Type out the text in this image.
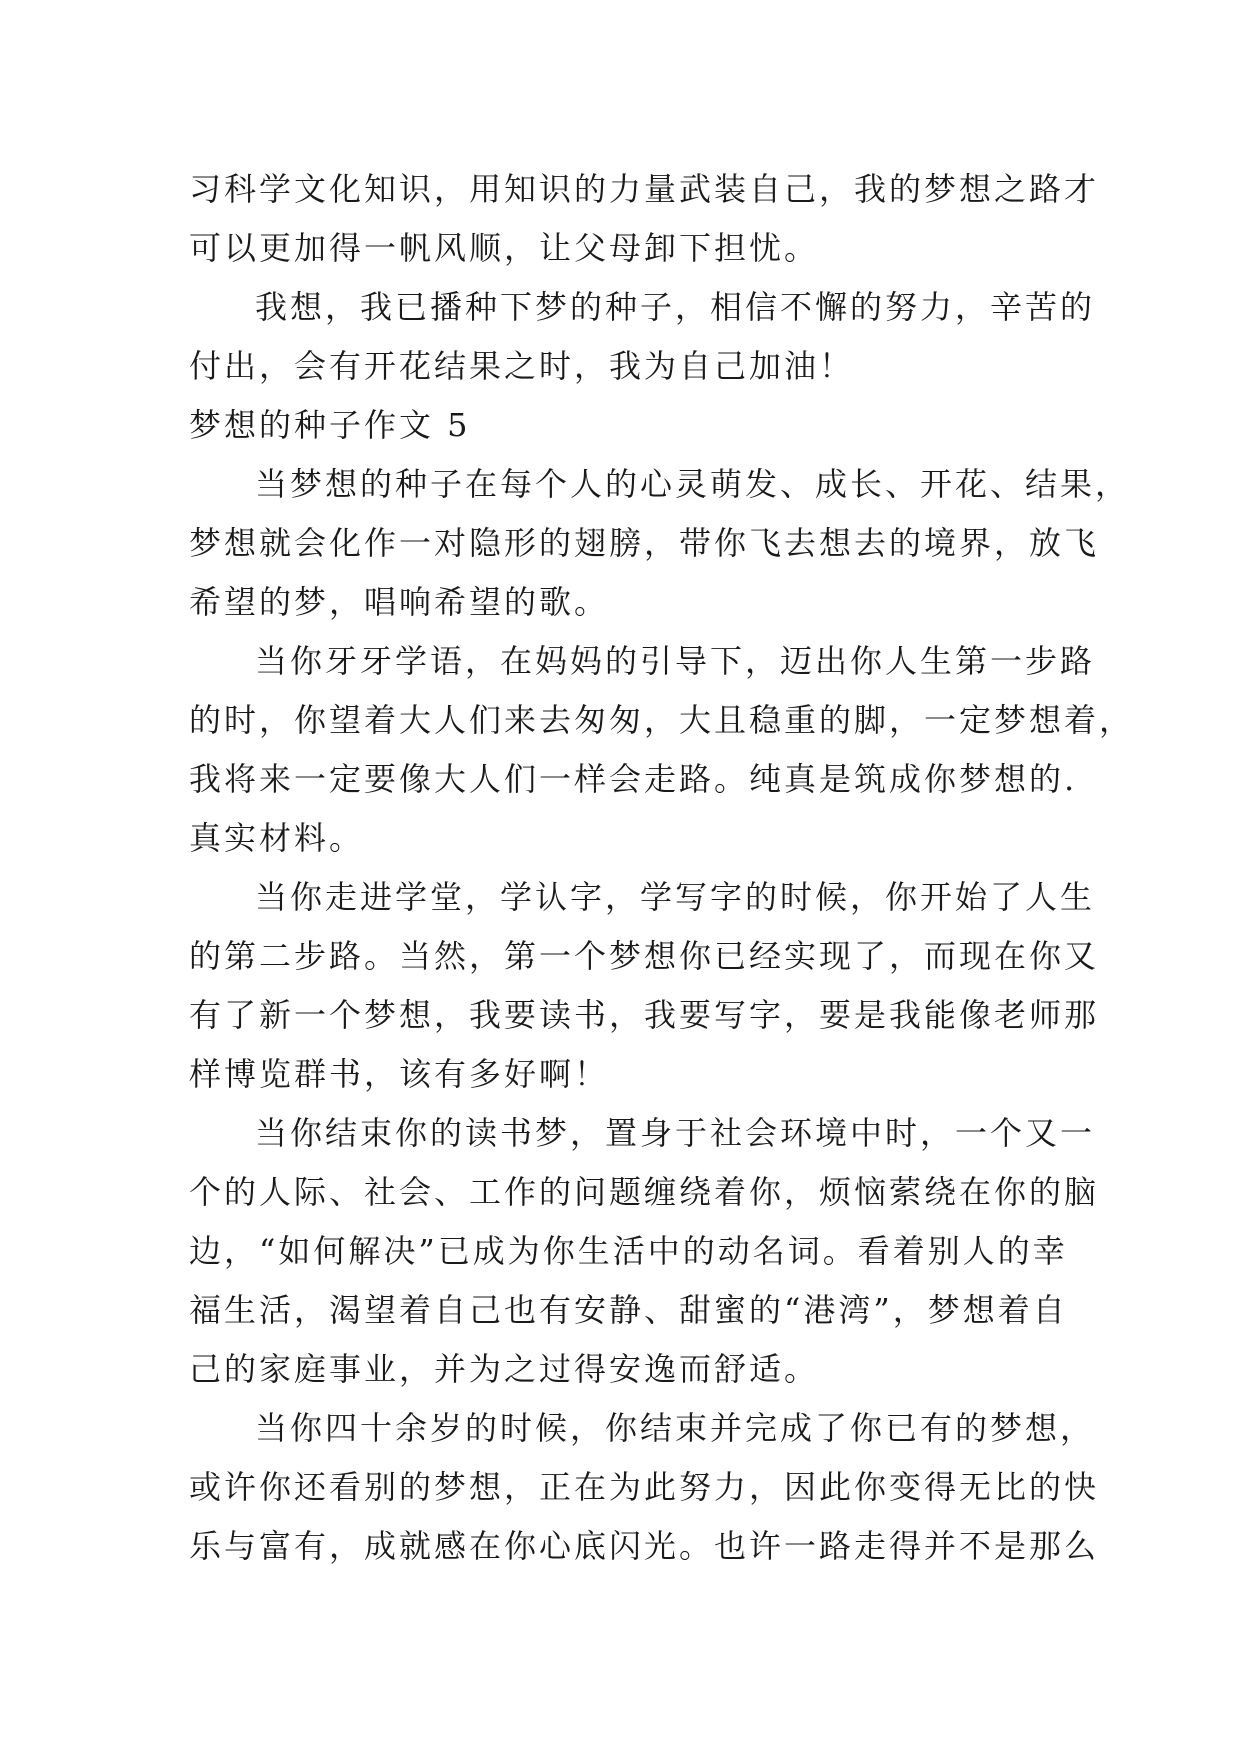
习科学文化知识，用知识的力量武装自己，我的梦想之路才
可以更加得一帆风顺，让父母卸下担忧。

我想，我已播种下梦的种子，相信不懈的努力，辛苦的
付出，会有开花结果之时，我为自己加油！

梦想的种子作文 5

当梦想的种子在每个人的心灵萌发、成长、开花、结果，
梦想就会化作一对隐形的翅膀，带你飞去想去的境界，放飞
希望的梦，唱响希望的歌。

当你牙牙学语，在妈妈的引导下，迈出你人生第一步路
的时，你望着大人们来去匆匆，大且稳重的脚，一定梦想着，
我将来一定要像大人们一样会走路。纯真是筑成你梦想的.
真实材料。

当你走进学堂，学认字，学写字的时候，你开始了人生
的第二步路。当然，第一个梦想你已经实现了，而现在你又
有了新一个梦想，我要读书，我要写字，要是我能像老师那
样博览群书，该有多好啊！

当你结束你的读书梦，置身于社会环境中时，一个又一
个的人际、社会、工作的问题缠绕着你，烦恼萦绕在你的脑
边，“如何解决”已成为你生活中的动名词。看着别人的幸
福生活，渴望着自己也有安静、甜蜜的“港湾”，梦想着自
己的家庭事业，并为之过得安逸而舒适。

当你四十余岁的时候，你结束并完成了你已有的梦想，
或许你还看别的梦想，正在为此努力，因此你变得无比的快
乐与富有，成就感在你心底闪光。也许一路走得并不是那么
